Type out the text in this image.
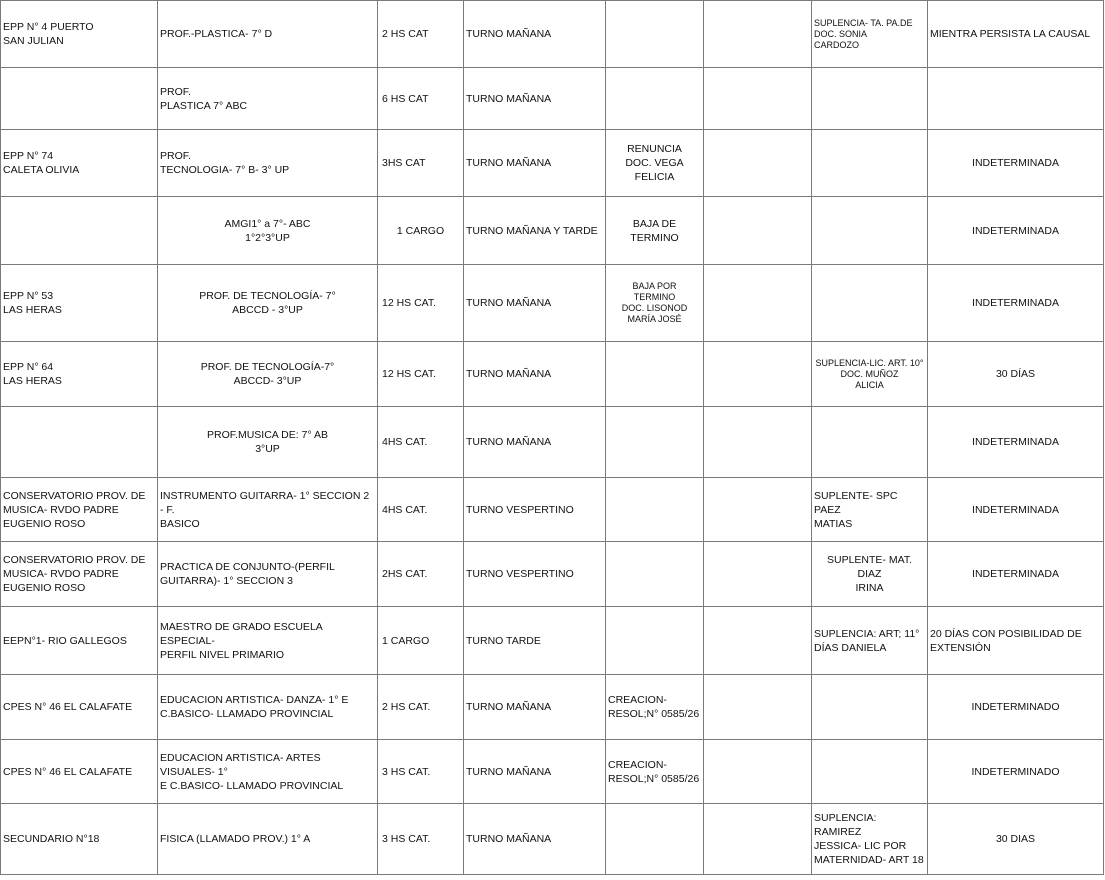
EPP N° 4 PUERTO
SAN JULIAN	PROF.-PLASTICA- 7° D	2 HS CAT	TURNO MAÑANA			SUPLENCIA- TA. PA.DE
DOC. SONIA
CARDOZO	MIENTRA PERSISTA LA CAUSAL
	PROF.
PLASTICA 7° ABC	6 HS CAT	TURNO MAÑANA				
EPP N° 74
CALETA OLIVIA	PROF.
TECNOLOGIA- 7° B- 3° UP	3HS CAT	TURNO MAÑANA	RENUNCIA
DOC. VEGA FELICIA			INDETERMINADA
	AMGI1° a 7°- ABC
1°2°3°UP	1 CARGO	TURNO MAÑANA Y TARDE	BAJA DE TERMINO			INDETERMINADA
EPP N° 53
LAS HERAS	PROF. DE TECNOLOGÍA- 7°
ABCCD - 3°UP	12 HS CAT.	TURNO MAÑANA	BAJA POR
TERMINO
DOC. LISONOD
MARÍA JOSÉ			INDETERMINADA
EPP N° 64
LAS HERAS	PROF. DE TECNOLOGÍA-7°
ABCCD- 3°UP	12 HS CAT.	TURNO MAÑANA			SUPLENCIA-LIC. ART. 10°
DOC. MUÑOZ
ALICIA	30 DÍAS
	PROF.MUSICA DE: 7° AB
3°UP	4HS CAT.	TURNO MAÑANA				INDETERMINADA
CONSERVATORIO PROV. DE
MUSICA- RVDO PADRE
EUGENIO ROSO	INSTRUMENTO GUITARRA- 1° SECCION 2 - F.
BASICO	4HS CAT.	TURNO VESPERTINO			SUPLENTE- SPC PAEZ
MATIAS	INDETERMINADA
CONSERVATORIO PROV. DE
MUSICA- RVDO PADRE
EUGENIO ROSO	PRACTICA DE CONJUNTO-(PERFIL
GUITARRA)- 1° SECCION 3	2HS CAT.	TURNO VESPERTINO			SUPLENTE- MAT. DIAZ
IRINA	INDETERMINADA
EEPN°1- RIO GALLEGOS	MAESTRO DE GRADO ESCUELA ESPECIAL-
PERFIL NIVEL PRIMARIO	1 CARGO	TURNO TARDE			SUPLENCIA: ART; 11°
DÍAS DANIELA	20 DÍAS CON POSIBILIDAD DE
EXTENSIÓN
CPES N° 46 EL CALAFATE	EDUCACION ARTISTICA- DANZA- 1° E
C.BASICO- LLAMADO PROVINCIAL	2 HS CAT.	TURNO MAÑANA	CREACION-
RESOL;N° 0585/26			INDETERMINADO
CPES N° 46 EL CALAFATE	EDUCACION ARTISTICA- ARTES VISUALES- 1°
E C.BASICO- LLAMADO PROVINCIAL	3 HS CAT.	TURNO MAÑANA	CREACION-
RESOL;N° 0585/26			INDETERMINADO
SECUNDARIO N°18	FISICA (LLAMADO PROV.) 1° A	3 HS CAT.	TURNO MAÑANA			SUPLENCIA: RAMIREZ
JESSICA- LIC POR
MATERNIDAD- ART 18	30 DIAS
